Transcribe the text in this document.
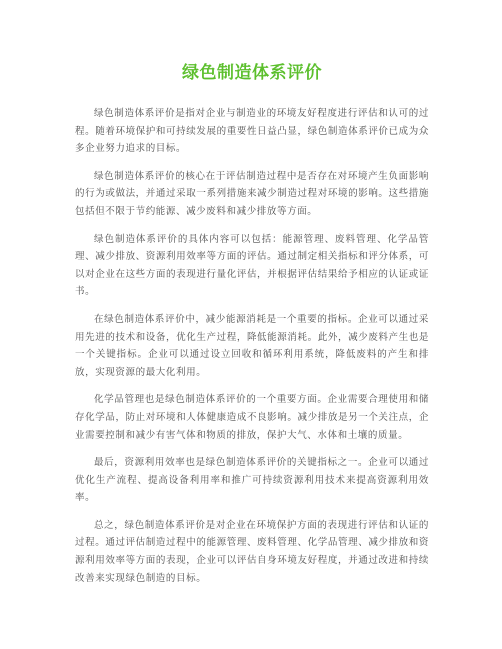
绿色制造体系评价

绿色制造体系评价是指对企业与制造业的环境友好程度进行评估和认可的过程。随着环境保护和可持续发展的重要性日益凸显，绿色制造体系评价已成为众多企业努力追求的目标。

绿色制造体系评价的核心在于评估制造过程中是否存在对环境产生负面影响的行为或做法，并通过采取一系列措施来减少制造过程对环境的影响。这些措施包括但不限于节约能源、减少废料和减少排放等方面。

绿色制造体系评价的具体内容可以包括：能源管理、废料管理、化学品管理、减少排放、资源利用效率等方面的评估。通过制定相关指标和评分体系，可以对企业在这些方面的表现进行量化评估，并根据评估结果给予相应的认证或证书。

在绿色制造体系评价中，减少能源消耗是一个重要的指标。企业可以通过采用先进的技术和设备，优化生产过程，降低能源消耗。此外，减少废料产生也是一个关键指标。企业可以通过设立回收和循环利用系统，降低废料的产生和排放，实现资源的最大化利用。

化学品管理也是绿色制造体系评价的一个重要方面。企业需要合理使用和储存化学品，防止对环境和人体健康造成不良影响。减少排放是另一个关注点，企业需要控制和减少有害气体和物质的排放，保护大气、水体和土壤的质量。

最后，资源利用效率也是绿色制造体系评价的关键指标之一。企业可以通过优化生产流程、提高设备利用率和推广可持续资源利用技术来提高资源利用效率。

总之，绿色制造体系评价是对企业在环境保护方面的表现进行评估和认证的过程。通过评估制造过程中的能源管理、废料管理、化学品管理、减少排放和资源利用效率等方面的表现，企业可以评估自身环境友好程度，并通过改进和持续改善来实现绿色制造的目标。
